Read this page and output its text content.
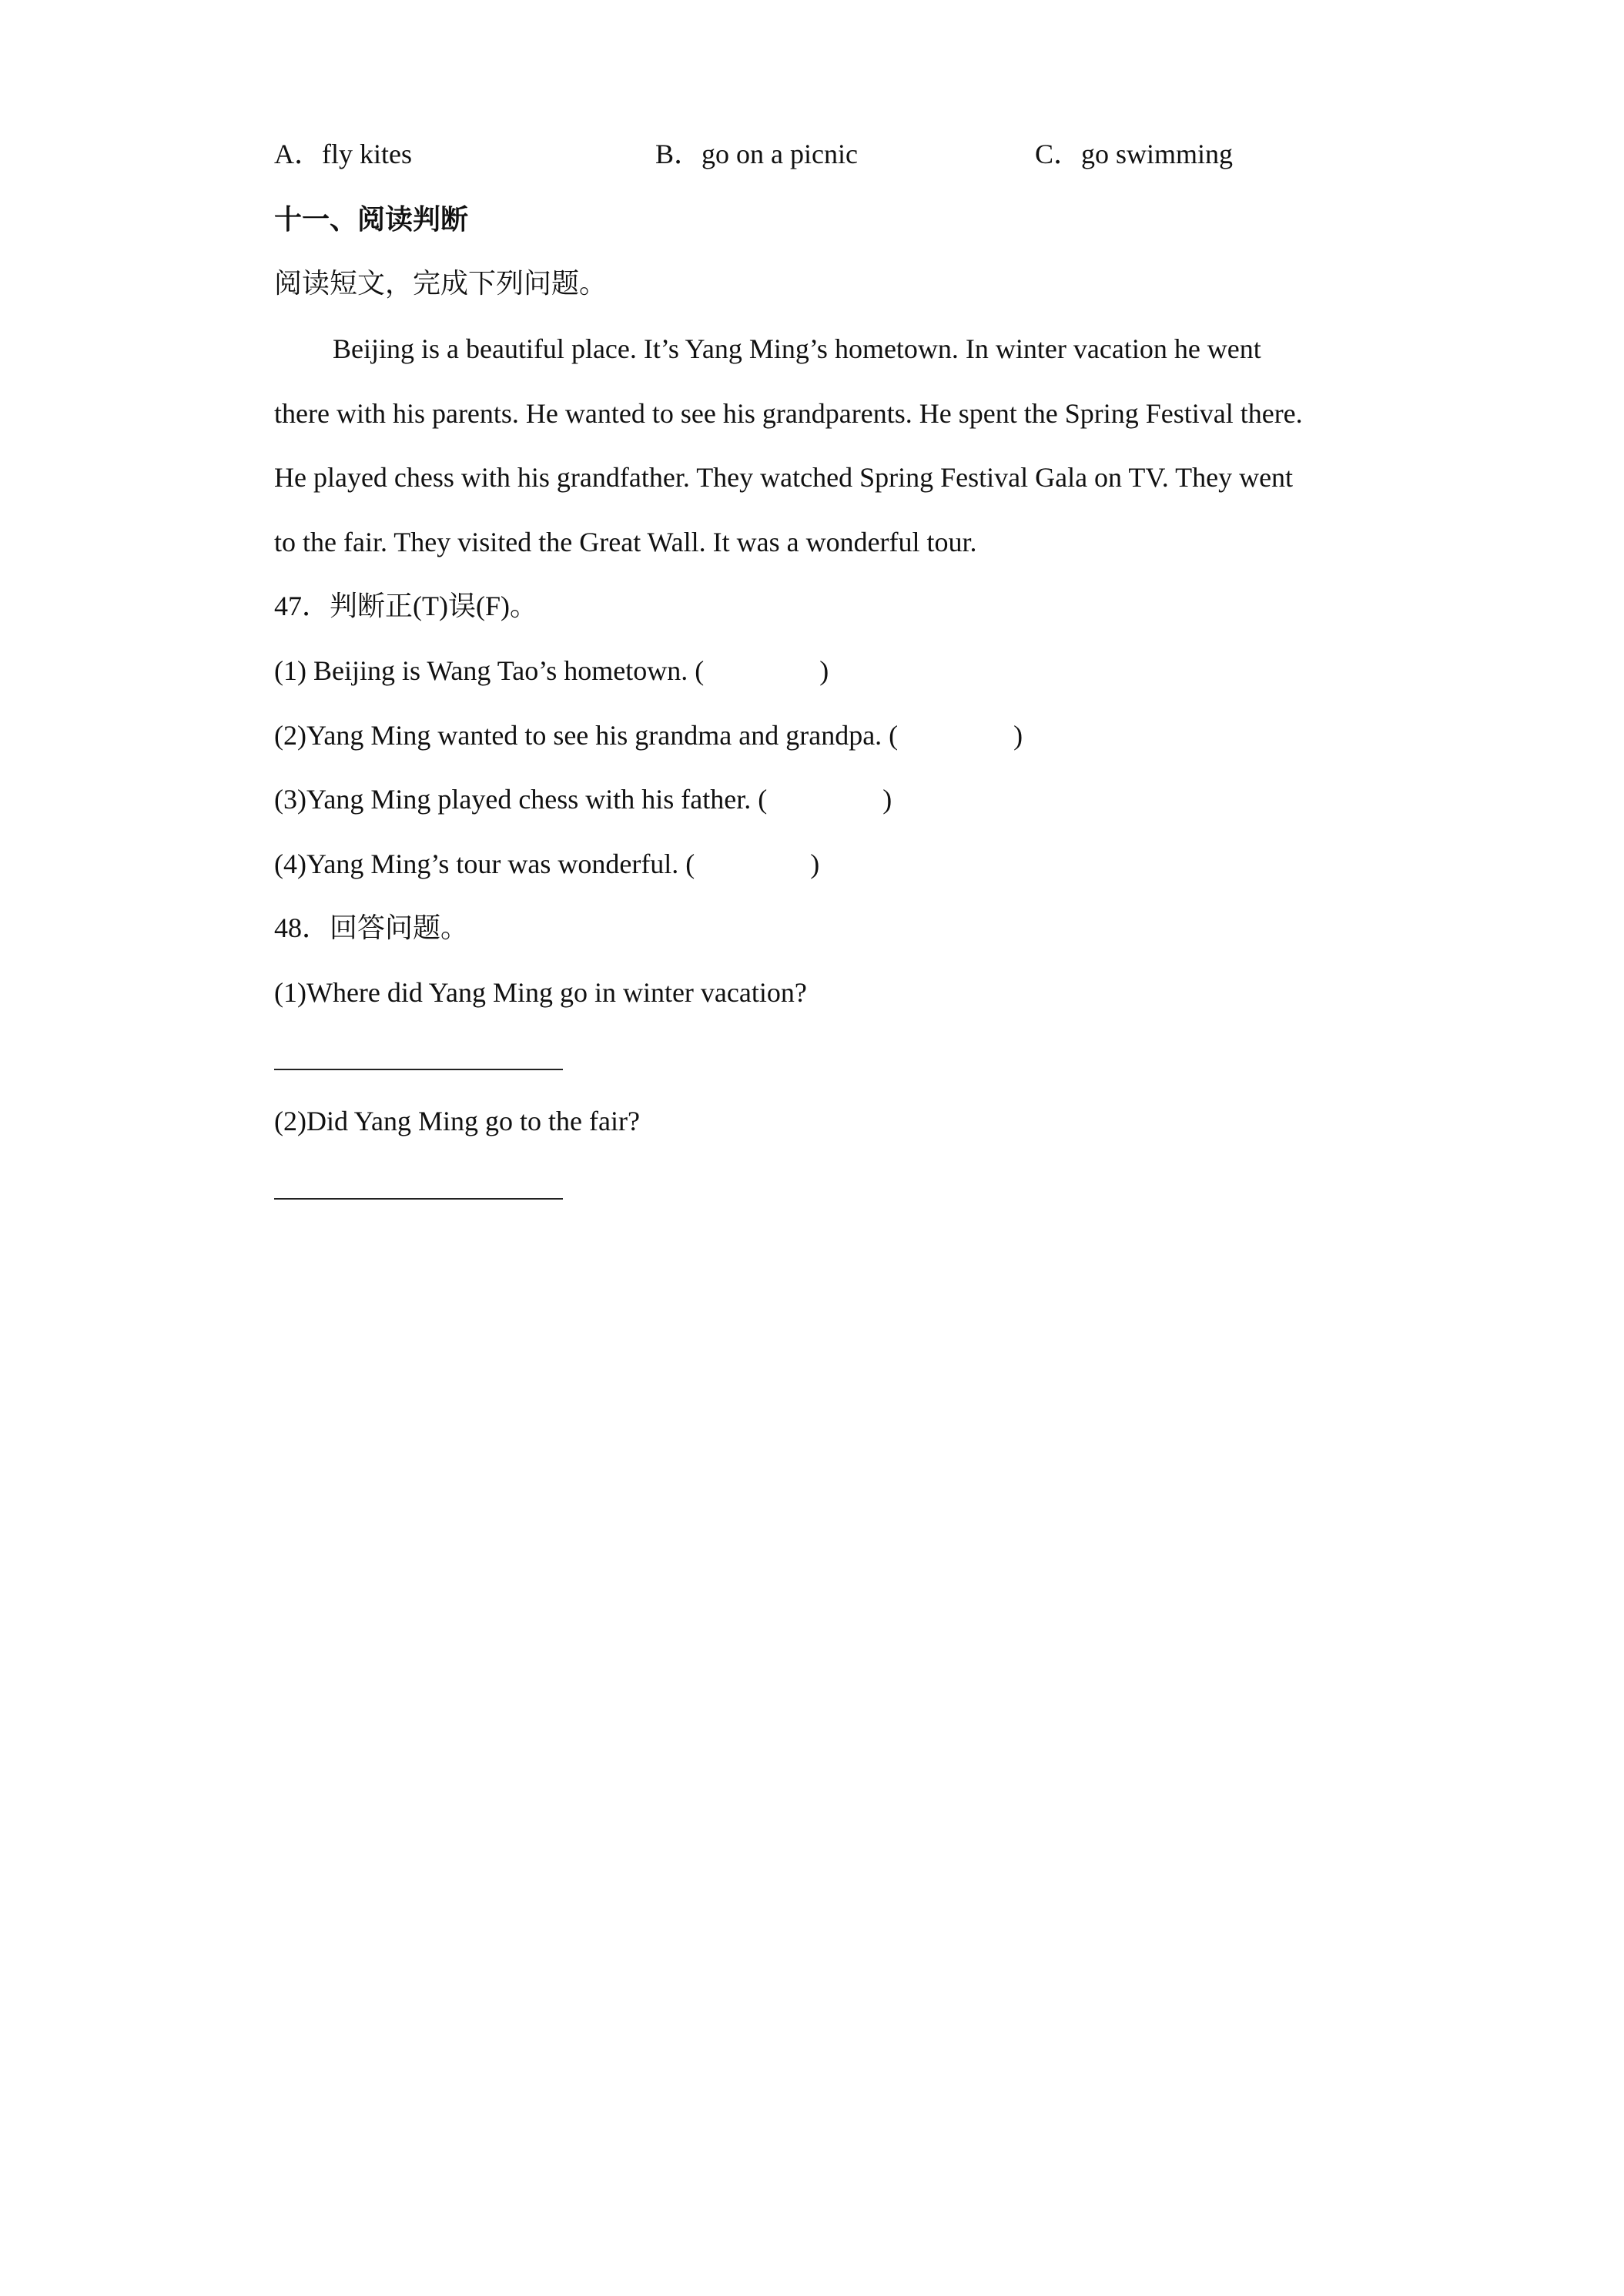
A．fly kites	B．go on a picnic	C．go swimming
十一、阅读判断
阅读短文，完成下列问题。
Beijing is a beautiful place. It’s Yang Ming’s hometown. In winter vacation he went
there with his parents. He wanted to see his grandparents. He spent the Spring Festival there.
He played chess with his grandfather. They watched Spring Festival Gala on TV. They went
to the fair. They visited the Great Wall. It was a wonderful tour.
47．判断正(T)误(F)。
(1) Beijing is Wang Tao’s hometown. (	)
(2)Yang Ming wanted to see his grandma and grandpa. (	)
(3)Yang Ming played chess with his father. (	)
(4)Yang Ming’s tour was wonderful. (	)
48．回答问题。
(1)Where did Yang Ming go in winter vacation?
(2)Did Yang Ming go to the fair?
